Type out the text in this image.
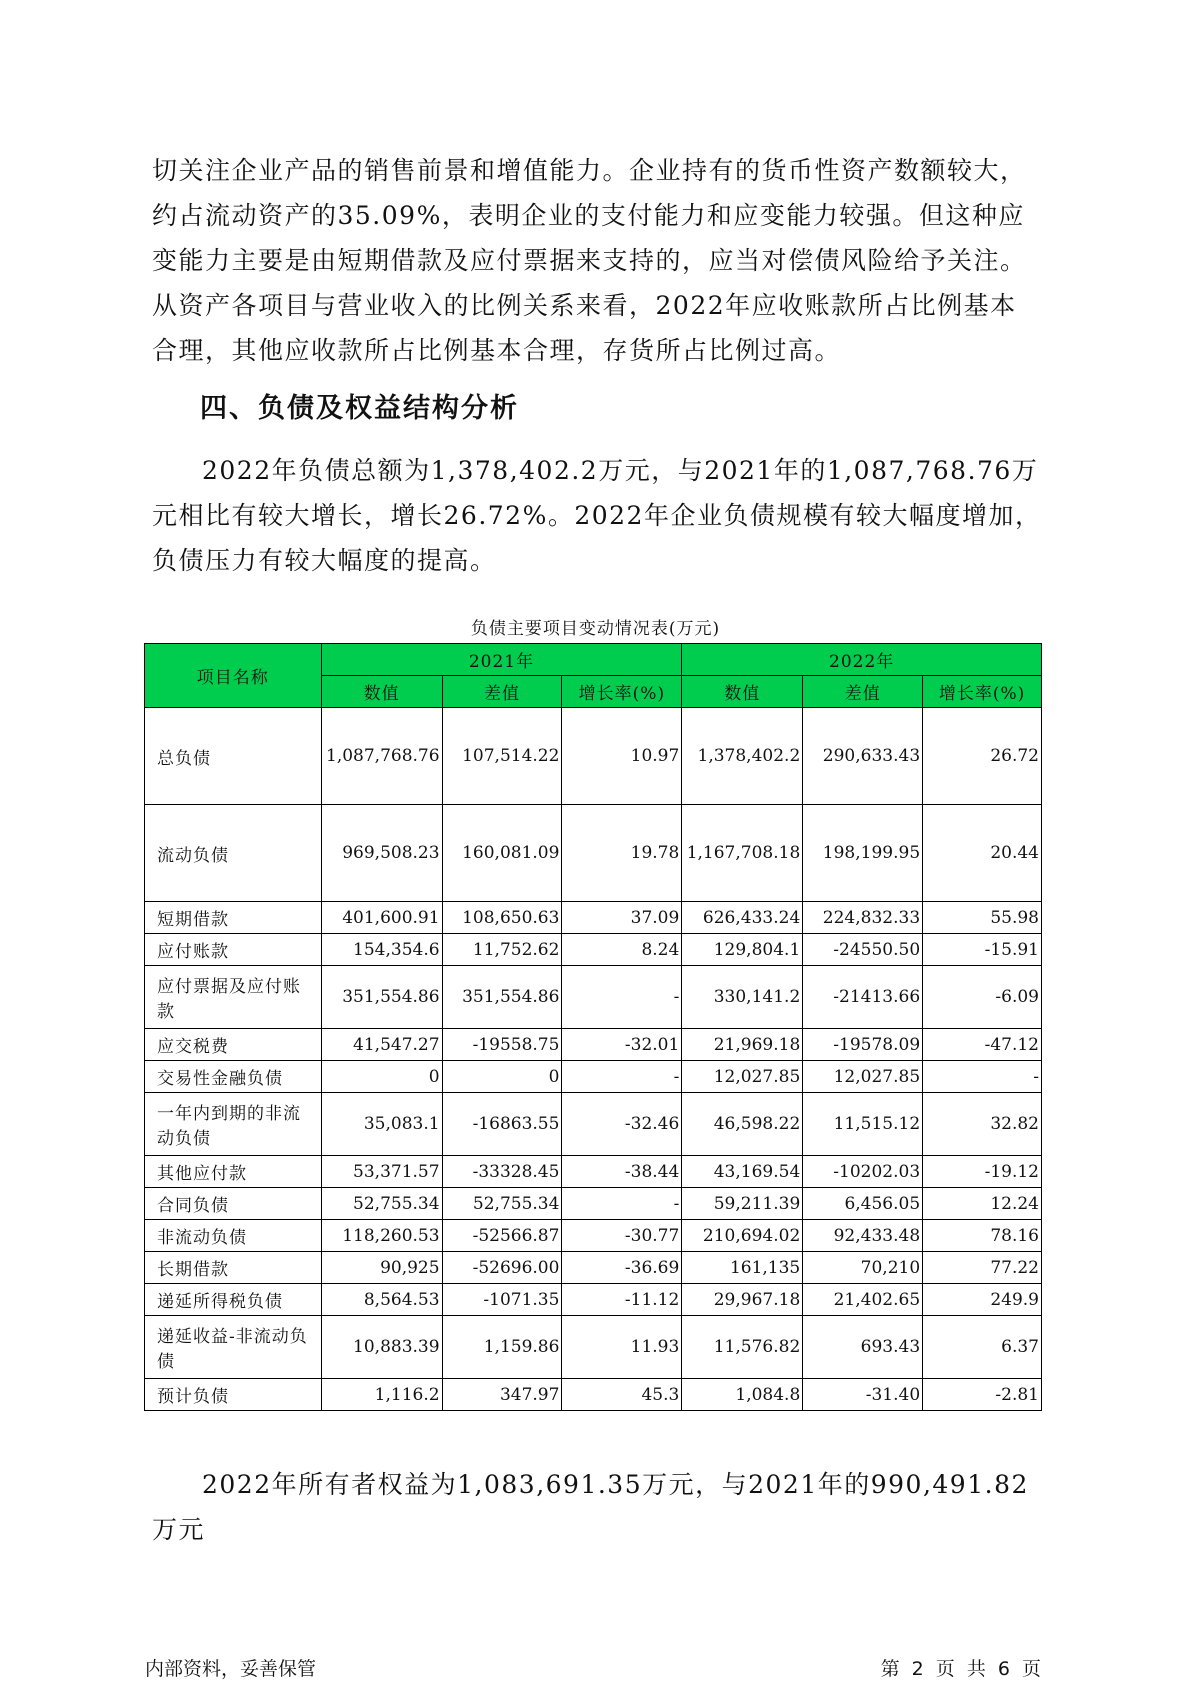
切关注企业产品的销售前景和增值能力。企业持有的货币性资产数额较大，约占流动资产的35.09%，表明企业的支付能力和应变能力较强。但这种应变能力主要是由短期借款及应付票据来支持的，应当对偿债风险给予关注。从资产各项目与营业收入的比例关系来看，2022年应收账款所占比例基本合理，其他应收款所占比例基本合理，存货所占比例过高。

四、负债及权益结构分析

2022年负债总额为1,378,402.2万元，与2021年的1,087,768.76万元相比有较大增长，增长26.72%。2022年企业负债规模有较大幅度增加，负债压力有较大幅度的提高。

负债主要项目变动情况表(万元)
项目名称	2021年			2022年		
	数值	差值	增长率(%)	数值	差值	增长率(%)
总负债	1,087,768.76	107,514.22	10.97	1,378,402.2	290,633.43	26.72
流动负债	969,508.23	160,081.09	19.78	1,167,708.18	198,199.95	20.44
短期借款	401,600.91	108,650.63	37.09	626,433.24	224,832.33	55.98
应付账款	154,354.6	11,752.62	8.24	129,804.1	-24550.50	-15.91
应付票据及应付账款	351,554.86	351,554.86	-	330,141.2	-21413.66	-6.09
应交税费	41,547.27	-19558.75	-32.01	21,969.18	-19578.09	-47.12
交易性金融负债	0	0	-	12,027.85	12,027.85	-
一年内到期的非流动负债	35,083.1	-16863.55	-32.46	46,598.22	11,515.12	32.82
其他应付款	53,371.57	-33328.45	-38.44	43,169.54	-10202.03	-19.12
合同负债	52,755.34	52,755.34	-	59,211.39	6,456.05	12.24
非流动负债	118,260.53	-52566.87	-30.77	210,694.02	92,433.48	78.16
长期借款	90,925	-52696.00	-36.69	161,135	70,210	77.22
递延所得税负债	8,564.53	-1071.35	-11.12	29,967.18	21,402.65	249.9
递延收益-非流动负债	10,883.39	1,159.86	11.93	11,576.82	693.43	6.37
预计负债	1,116.2	347.97	45.3	1,084.8	-31.40	-2.81

2022年所有者权益为1,083,691.35万元，与2021年的990,491.82万元

内部资料，妥善保管	第 2 页 共 6 页
